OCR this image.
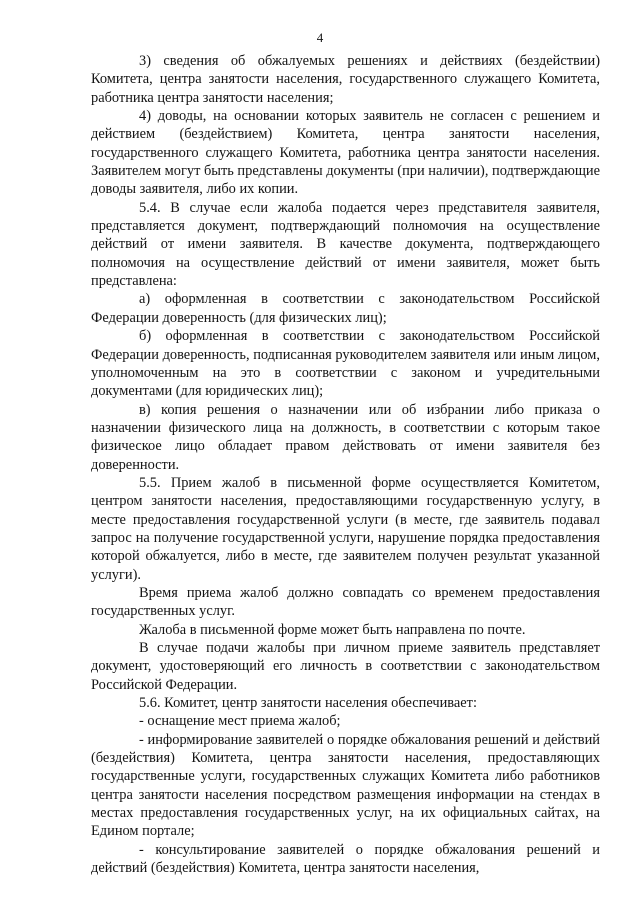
4

3) сведения об обжалуемых решениях и действиях (бездействии) Комитета, центра занятости населения, государственного служащего Комитета, работника центра занятости населения;

4) доводы, на основании которых заявитель не согласен с решением и действием (бездействием) Комитета, центра занятости населения, государственного служащего Комитета, работника центра занятости населения. Заявителем могут быть представлены документы (при наличии), подтверждающие доводы заявителя, либо их копии.

5.4. В случае если жалоба подается через представителя заявителя, представляется документ, подтверждающий полномочия на осуществление действий от имени заявителя. В качестве документа, подтверждающего полномочия на осуществление действий от имени заявителя, может быть представлена:

а) оформленная в соответствии с законодательством Российской Федерации доверенность (для физических лиц);

б) оформленная в соответствии с законодательством Российской Федерации доверенность, подписанная руководителем заявителя или иным лицом, уполномоченным на это в соответствии с законом и учредительными документами (для юридических лиц);

в) копия решения о назначении или об избрании либо приказа о назначении физического лица на должность, в соответствии с которым такое физическое лицо обладает правом действовать от имени заявителя без доверенности.

5.5. Прием жалоб в письменной форме осуществляется Комитетом, центром занятости населения, предоставляющими государственную услугу, в месте предоставления государственной услуги (в месте, где заявитель подавал запрос на получение государственной услуги, нарушение порядка предоставления которой обжалуется, либо в месте, где заявителем получен результат указанной услуги).

Время приема жалоб должно совпадать со временем предоставления государственных услуг.

Жалоба в письменной форме может быть направлена по почте.

В случае подачи жалобы при личном приеме заявитель представляет документ, удостоверяющий его личность в соответствии с законодательством Российской Федерации.

5.6. Комитет, центр занятости населения обеспечивает:

- оснащение мест приема жалоб;

- информирование заявителей о порядке обжалования решений и действий (бездействия) Комитета, центра занятости населения, предоставляющих государственные услуги, государственных служащих Комитета либо работников центра занятости населения посредством размещения информации на стендах в местах предоставления государственных услуг, на их официальных сайтах, на Едином портале;

- консультирование заявителей о порядке обжалования решений и действий (бездействия) Комитета, центра занятости населения,
